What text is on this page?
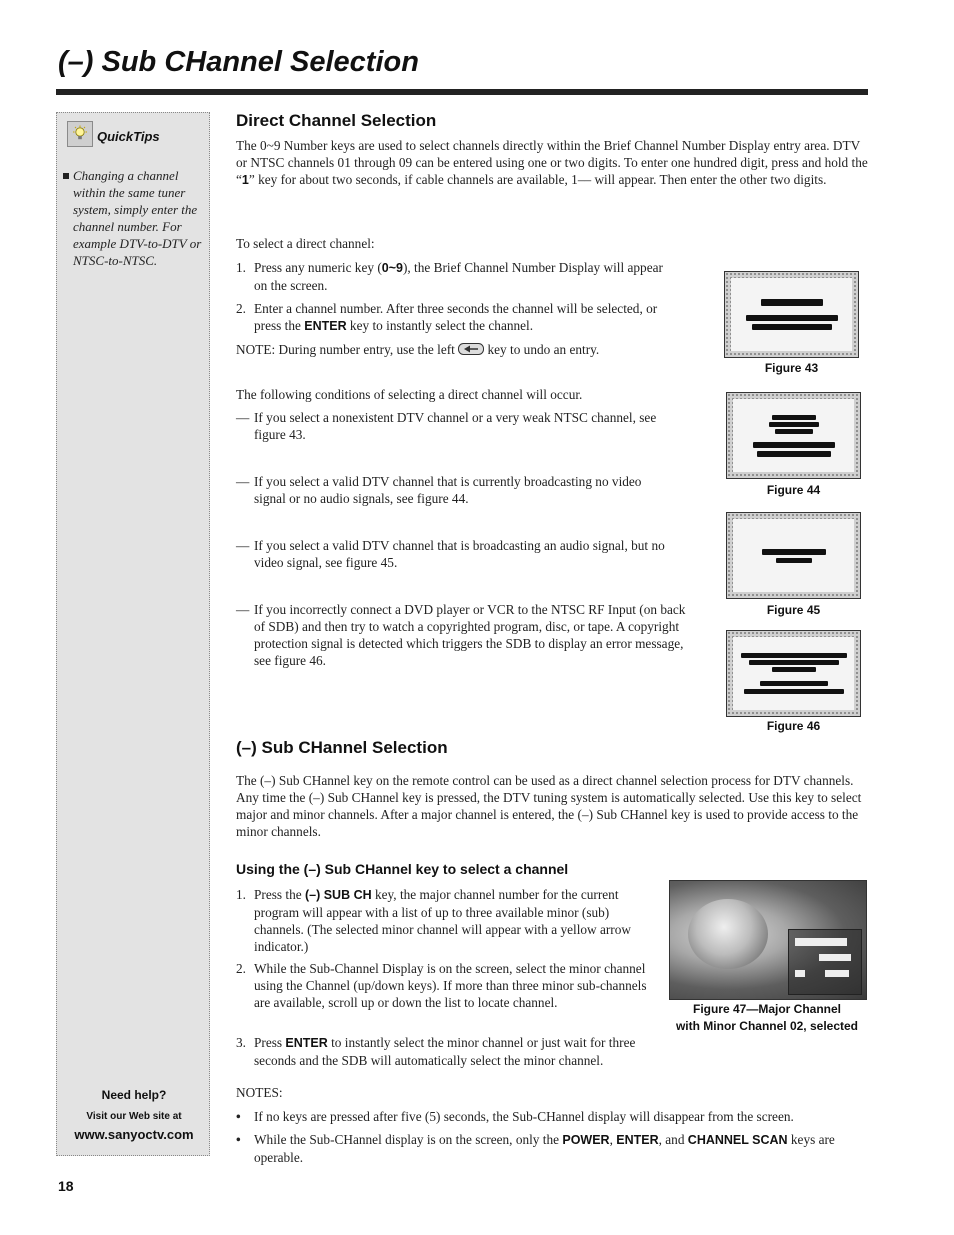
(–) Sub CHannel Selection
QuickTips
Changing a channel within the same tuner system, simply enter the channel number. For example DTV-to-DTV or NTSC-to-NTSC.
Need help?
Visit our Web site at
www.sanyoctv.com
Direct Channel Selection
The 0~9 Number keys are used to select channels directly within the Brief Channel Number Display entry area. DTV or NTSC channels 01 through 09 can be entered using one or two digits. To enter one hundred digit, press and hold the “1” key for about two seconds, if cable channels are available, 1–– will appear. Then enter the other two digits.
To select a direct channel:
1. Press any numeric key (0~9), the Brief Channel Number Display will appear on the screen.
2. Enter a channel number. After three seconds the channel will be selected, or press the ENTER key to instantly select the channel.
NOTE: During number entry, use the left  key to undo an entry.
The following conditions of selecting a direct channel will occur.
— If you select a nonexistent DTV channel or a very weak NTSC channel, see figure 43.
— If you select a valid DTV channel that is currently broadcasting no video signal or no audio signals, see figure 44.
— If you select a valid DTV channel that is broadcasting an audio signal, but no video signal, see figure 45.
— If you incorrectly connect a DVD player or VCR to the NTSC RF Input (on back of SDB) and then try to watch a copyrighted program, disc, or tape. A copyright protection signal is detected which triggers the SDB to display an error message, see figure 46.
Figure 43
Figure 44
Figure 45
Figure 46
(–) Sub CHannel Selection
The (–) Sub CHannel key on the remote control can be used as a direct channel selection process for DTV channels. Any time the (–) Sub CHannel key is pressed, the DTV tuning system is automatically selected. Use this key to select major and minor channels. After a major channel is entered, the (–) Sub CHannel key is used to provide access to the minor channels.
Using the (–) Sub CHannel key to select a channel
1. Press the (–) SUB CH key, the major channel number for the current program will appear with a list of up to three available minor (sub) channels. (The selected minor channel will appear with a yellow arrow indicator.)
2. While the Sub-Channel Display is on the screen, select the minor channel using the Channel (up/down keys). If more than three minor sub-channels are available, scroll up or down the list to locate channel.
3. Press ENTER to instantly select the minor channel or just wait for three seconds and the SDB will automatically select the minor channel.
Figure 47—Major Channel
with Minor Channel 02, selected
NOTES:
• If no keys are pressed after five (5) seconds, the Sub-CHannel display will disappear from the screen.
• While the Sub-CHannel display is on the screen, only the POWER, ENTER, and CHANNEL SCAN keys are operable.
18
